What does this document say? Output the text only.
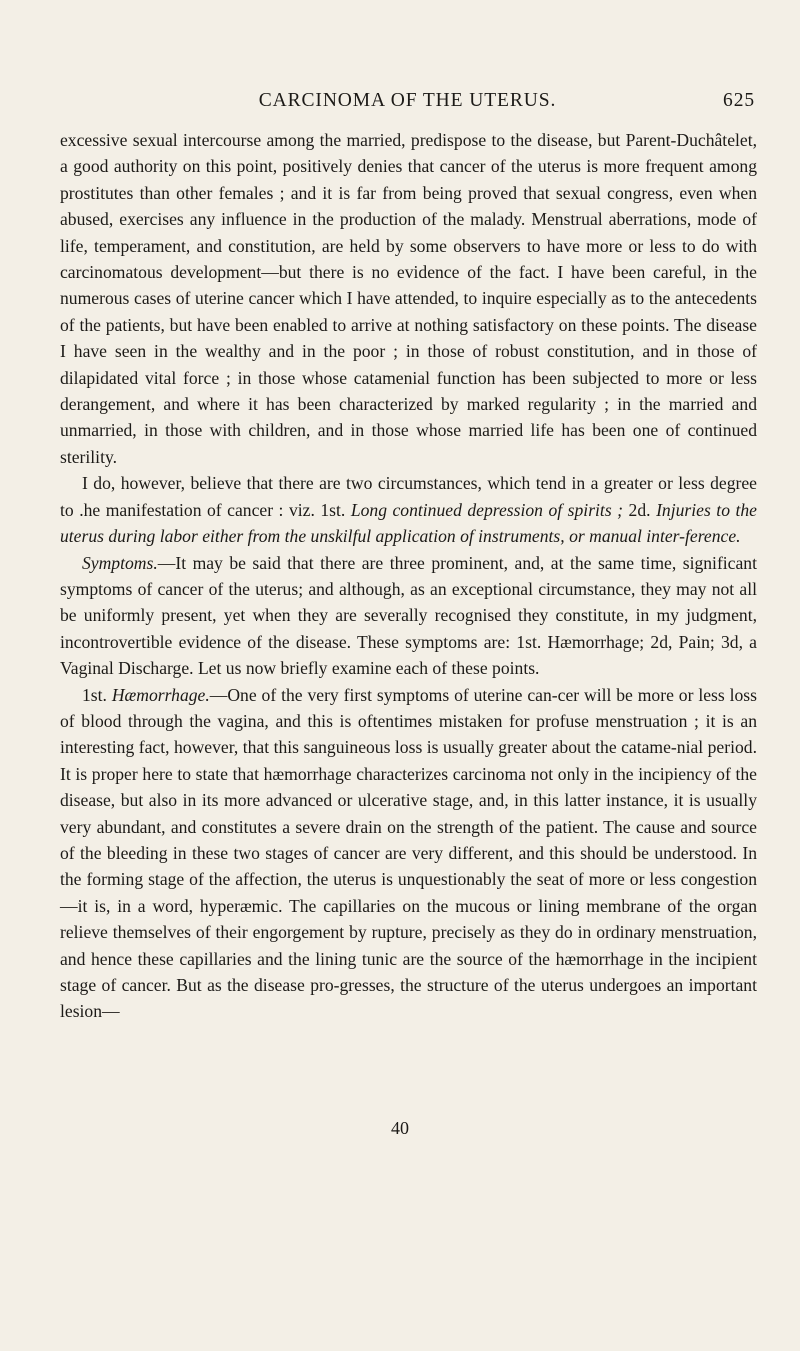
CARCINOMA OF THE UTERUS.	625

excessive sexual intercourse among the married, predispose to the disease, but Parent-Duchâtelet, a good authority on this point, positively denies that cancer of the uterus is more frequent among prostitutes than other females ; and it is far from being proved that sexual congress, even when abused, exercises any influence in the production of the malady. Menstrual aberrations, mode of life, temperament, and constitution, are held by some observers to have more or less to do with carcinomatous development—but there is no evidence of the fact. I have been careful, in the numerous cases of uterine cancer which I have attended, to inquire especially as to the antecedents of the patients, but have been enabled to arrive at nothing satisfactory on these points. The disease I have seen in the wealthy and in the poor ; in those of robust constitution, and in those of dilapidated vital force ; in those whose catamenial function has been subjected to more or less derangement, and where it has been characterized by marked regularity ; in the married and unmarried, in those with children, and in those whose married life has been one of continued sterility.

I do, however, believe that there are two circumstances, which tend in a greater or less degree to .he manifestation of cancer : viz. 1st. Long continued depression of spirits ; 2d. Injuries to the uterus during labor either from the unskilful application of instruments, or manual inter-ference.

Symptoms.—It may be said that there are three prominent, and, at the same time, significant symptoms of cancer of the uterus; and although, as an exceptional circumstance, they may not all be uniformly present, yet when they are severally recognised they constitute, in my judgment, incontrovertible evidence of the disease. These symptoms are: 1st. Hæmorrhage; 2d, Pain; 3d, a Vaginal Discharge. Let us now briefly examine each of these points.

1st. Hæmorrhage.—One of the very first symptoms of uterine can-cer will be more or less loss of blood through the vagina, and this is oftentimes mistaken for profuse menstruation ; it is an interesting fact, however, that this sanguineous loss is usually greater about the catame-nial period. It is proper here to state that hæmorrhage characterizes carcinoma not only in the incipiency of the disease, but also in its more advanced or ulcerative stage, and, in this latter instance, it is usually very abundant, and constitutes a severe drain on the strength of the patient. The cause and source of the bleeding in these two stages of cancer are very different, and this should be understood. In the forming stage of the affection, the uterus is unquestionably the seat of more or less congestion—it is, in a word, hyperæmic. The capillaries on the mucous or lining membrane of the organ relieve themselves of their engorgement by rupture, precisely as they do in ordinary menstruation, and hence these capillaries and the lining tunic are the source of the hæmorrhage in the incipient stage of cancer. But as the disease pro-gresses, the structure of the uterus undergoes an important lesion—

40
